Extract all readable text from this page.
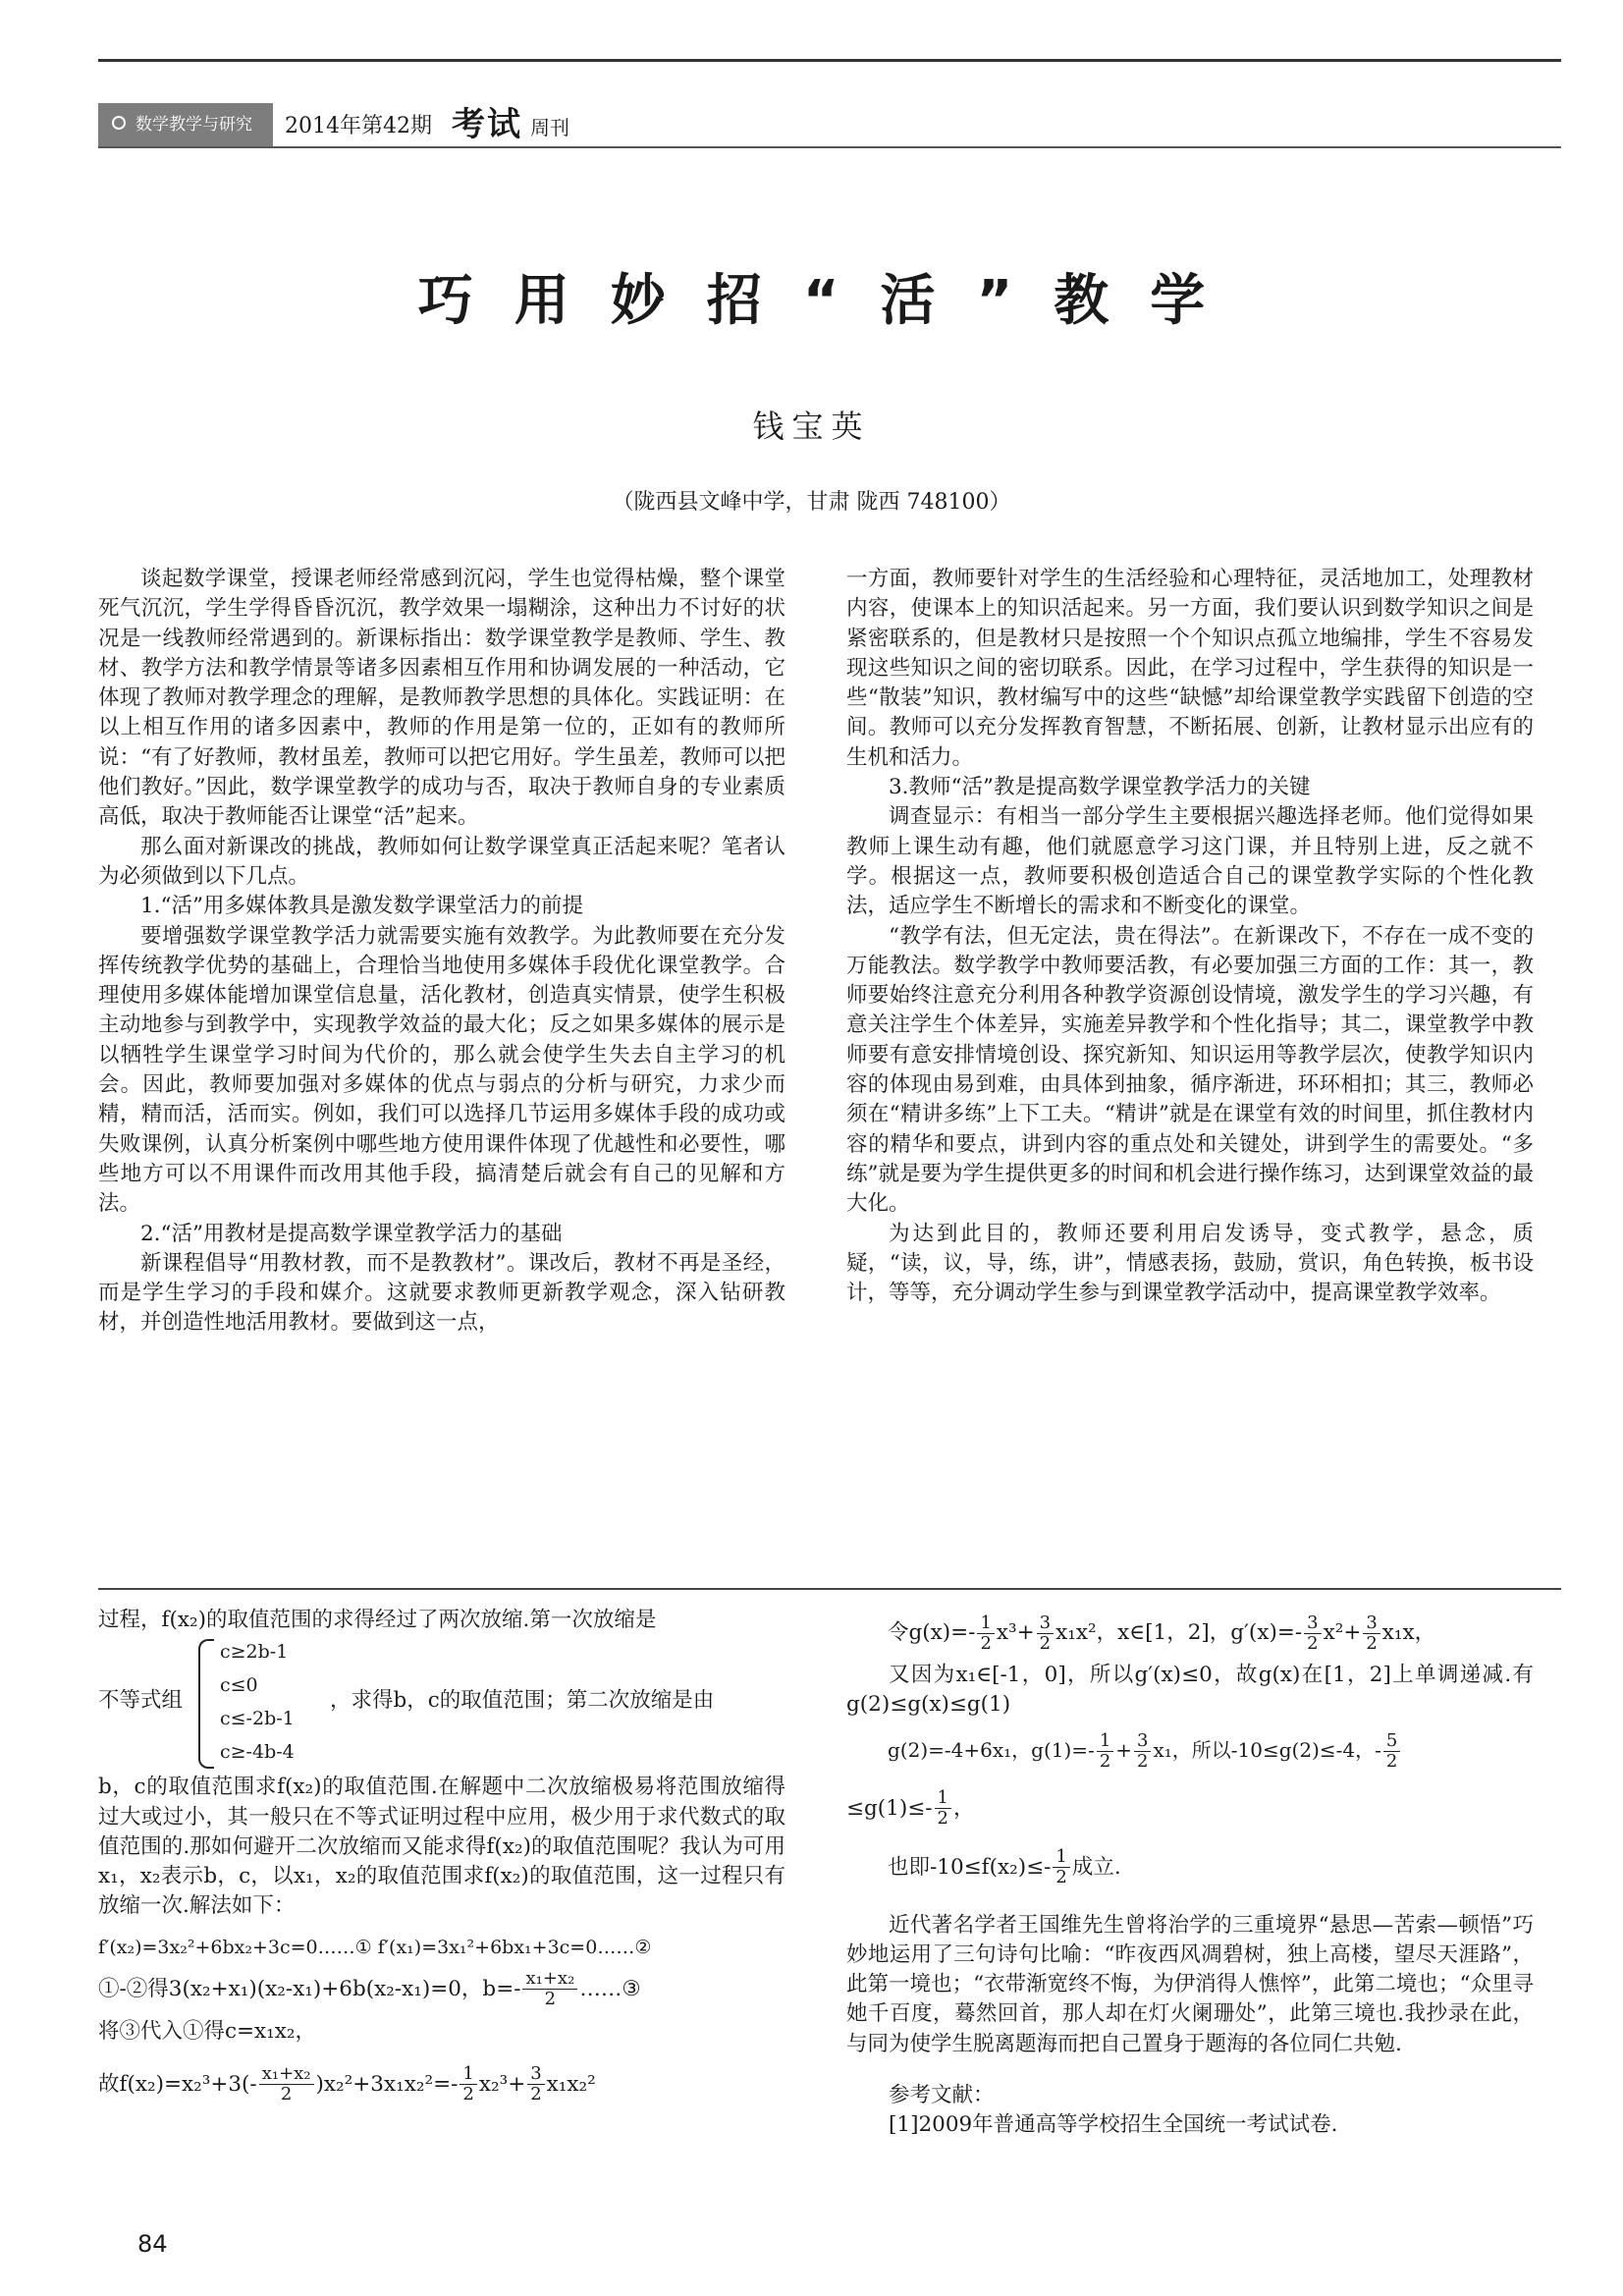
数学教学与研究 2014年第42期 考试 周刊
巧用妙招“活”教学
钱宝英
（陇西县文峰中学，甘肃 陇西 748100）

谈起数学课堂，授课老师经常感到沉闷，学生也觉得枯燥，整个课堂死气沉沉，学生学得昏昏沉沉，教学效果一塌糊涂，这种出力不讨好的状况是一线教师经常遇到的。新课标指出：数学课堂教学是教师、学生、教材、教学方法和教学情景等诸多因素相互作用和协调发展的一种活动，它体现了教师对教学理念的理解，是教师教学思想的具体化。实践证明：在以上相互作用的诸多因素中，教师的作用是第一位的，正如有的教师所说：“有了好教师，教材虽差，教师可以把它用好。学生虽差，教师可以把他们教好。”因此，数学课堂教学的成功与否，取决于教师自身的专业素质高低，取决于教师能否让课堂“活”起来。

那么面对新课改的挑战，教师如何让数学课堂真正活起来呢？笔者认为必须做到以下几点。

1.“活”用多媒体教具是激发数学课堂活力的前提

要增强数学课堂教学活力就需要实施有效教学。为此教师要在充分发挥传统教学优势的基础上，合理恰当地使用多媒体手段优化课堂教学。合理使用多媒体能增加课堂信息量，活化教材，创造真实情景，使学生积极主动地参与到教学中，实现教学效益的最大化；反之如果多媒体的展示是以牺牲学生课堂学习时间为代价的，那么就会使学生失去自主学习的机会。因此，教师要加强对多媒体的优点与弱点的分析与研究，力求少而精，精而活，活而实。例如，我们可以选择几节运用多媒体手段的成功或失败课例，认真分析案例中哪些地方使用课件体现了优越性和必要性，哪些地方可以不用课件而改用其他手段，搞清楚后就会有自己的见解和方法。

2.“活”用教材是提高数学课堂教学活力的基础

新课程倡导“用教材教，而不是教教材”。课改后，教材不再是圣经，而是学生学习的手段和媒介。这就要求教师更新教学观念，深入钻研教材，并创造性地活用教材。要做到这一点，

一方面，教师要针对学生的生活经验和心理特征，灵活地加工，处理教材内容，使课本上的知识活起来。另一方面，我们要认识到数学知识之间是紧密联系的，但是教材只是按照一个个知识点孤立地编排，学生不容易发现这些知识之间的密切联系。因此，在学习过程中，学生获得的知识是一些“散装”知识，教材编写中的这些“缺憾”却给课堂教学实践留下创造的空间。教师可以充分发挥教育智慧，不断拓展、创新，让教材显示出应有的生机和活力。

3.教师“活”教是提高数学课堂教学活力的关键

调查显示：有相当一部分学生主要根据兴趣选择老师。他们觉得如果教师上课生动有趣，他们就愿意学习这门课，并且特别上进，反之就不学。根据这一点，教师要积极创造适合自己的课堂教学实际的个性化教法，适应学生不断增长的需求和不断变化的课堂。

“教学有法，但无定法，贵在得法”。在新课改下，不存在一成不变的万能教法。数学教学中教师要活教，有必要加强三方面的工作：其一，教师要始终注意充分利用各种教学资源创设情境，激发学生的学习兴趣，有意关注学生个体差异，实施差异教学和个性化指导；其二，课堂教学中教师要有意安排情境创设、探究新知、知识运用等教学层次，使教学知识内容的体现由易到难，由具体到抽象，循序渐进，环环相扣；其三，教师必须在“精讲多练”上下工夫。“精讲”就是在课堂有效的时间里，抓住教材内容的精华和要点，讲到内容的重点处和关键处，讲到学生的需要处。“多练”就是要为学生提供更多的时间和机会进行操作练习，达到课堂效益的最大化。

为达到此目的，教师还要利用启发诱导，变式教学，悬念，质疑，“读，议，导，练，讲”，情感表扬，鼓励，赏识，角色转换，板书设计，等等，充分调动学生参与到课堂教学活动中，提高课堂教学效率。

过程，f(x₂)的取值范围的求得经过了两次放缩.第一次放缩是

不等式组
c≥2b-1
c≤0
c≤-2b-1
c≥-4b-4
，求得b，c的取值范围；第二次放缩是由

b，c的取值范围求f(x₂)的取值范围.在解题中二次放缩极易将范围放缩得过大或过小，其一般只在不等式证明过程中应用，极少用于求代数式的取值范围的.那如何避开二次放缩而又能求得f(x₂)的取值范围呢？我认为可用x₁，x₂表示b，c，以x₁，x₂的取值范围求f(x₂)的取值范围，这一过程只有放缩一次.解法如下：

f′(x₂)=3x₂²+6bx₂+3c=0……① f′(x₁)=3x₁²+6bx₁+3c=0……②
①-②得3(x₂+x₁)(x₂-x₁)+6b(x₂-x₁)=0，$b=- \frac{\text{x₁+x₂}}{2}$ ……③
将③代入①得c=x₁x₂，
故$f(x_2)=x_2^3+3(- \frac{\text{x₁+x₂}}{2} )x_2^2+3x_1x_2^2=- \frac{1}{2} x_2^3+ \frac{3}{2} x_1x_2^2$
令$g(x)=- \frac{1}{2} x^3+ \frac{3}{2} x_1x^2$，x∈[1，2]，$g'(x)=- \frac{3}{2} x^2+ \frac{3}{2} x_1x$，

又因为x₁∈[-1，0]，所以g′(x)≤0，故g(x)在[1，2]上单调递减.有g(2)≤g(x)≤g(1)

g(2)=-4+6x₁，$g(1)=- \frac{1}{2} + \frac{3}{2} x_1$，所以-10≤g(2)≤-4，- $\frac{5}{2}$
$\le g(1)\le- \frac{1}{2}$ ，
也即$-10\le f(x_2)\le- \frac{1}{2}$ 成立.

近代著名学者王国维先生曾将治学的三重境界“悬思—苦索—顿悟”巧妙地运用了三句诗句比喻：“昨夜西风凋碧树，独上高楼，望尽天涯路”，此第一境也；“衣带渐宽终不悔，为伊消得人憔悴”，此第二境也；“众里寻她千百度，蓦然回首，那人却在灯火阑珊处”，此第三境也.我抄录在此，与同为使学生脱离题海而把自己置身于题海的各位同仁共勉.

参考文献：

[1]2009年普通高等学校招生全国统一考试试卷.

84
